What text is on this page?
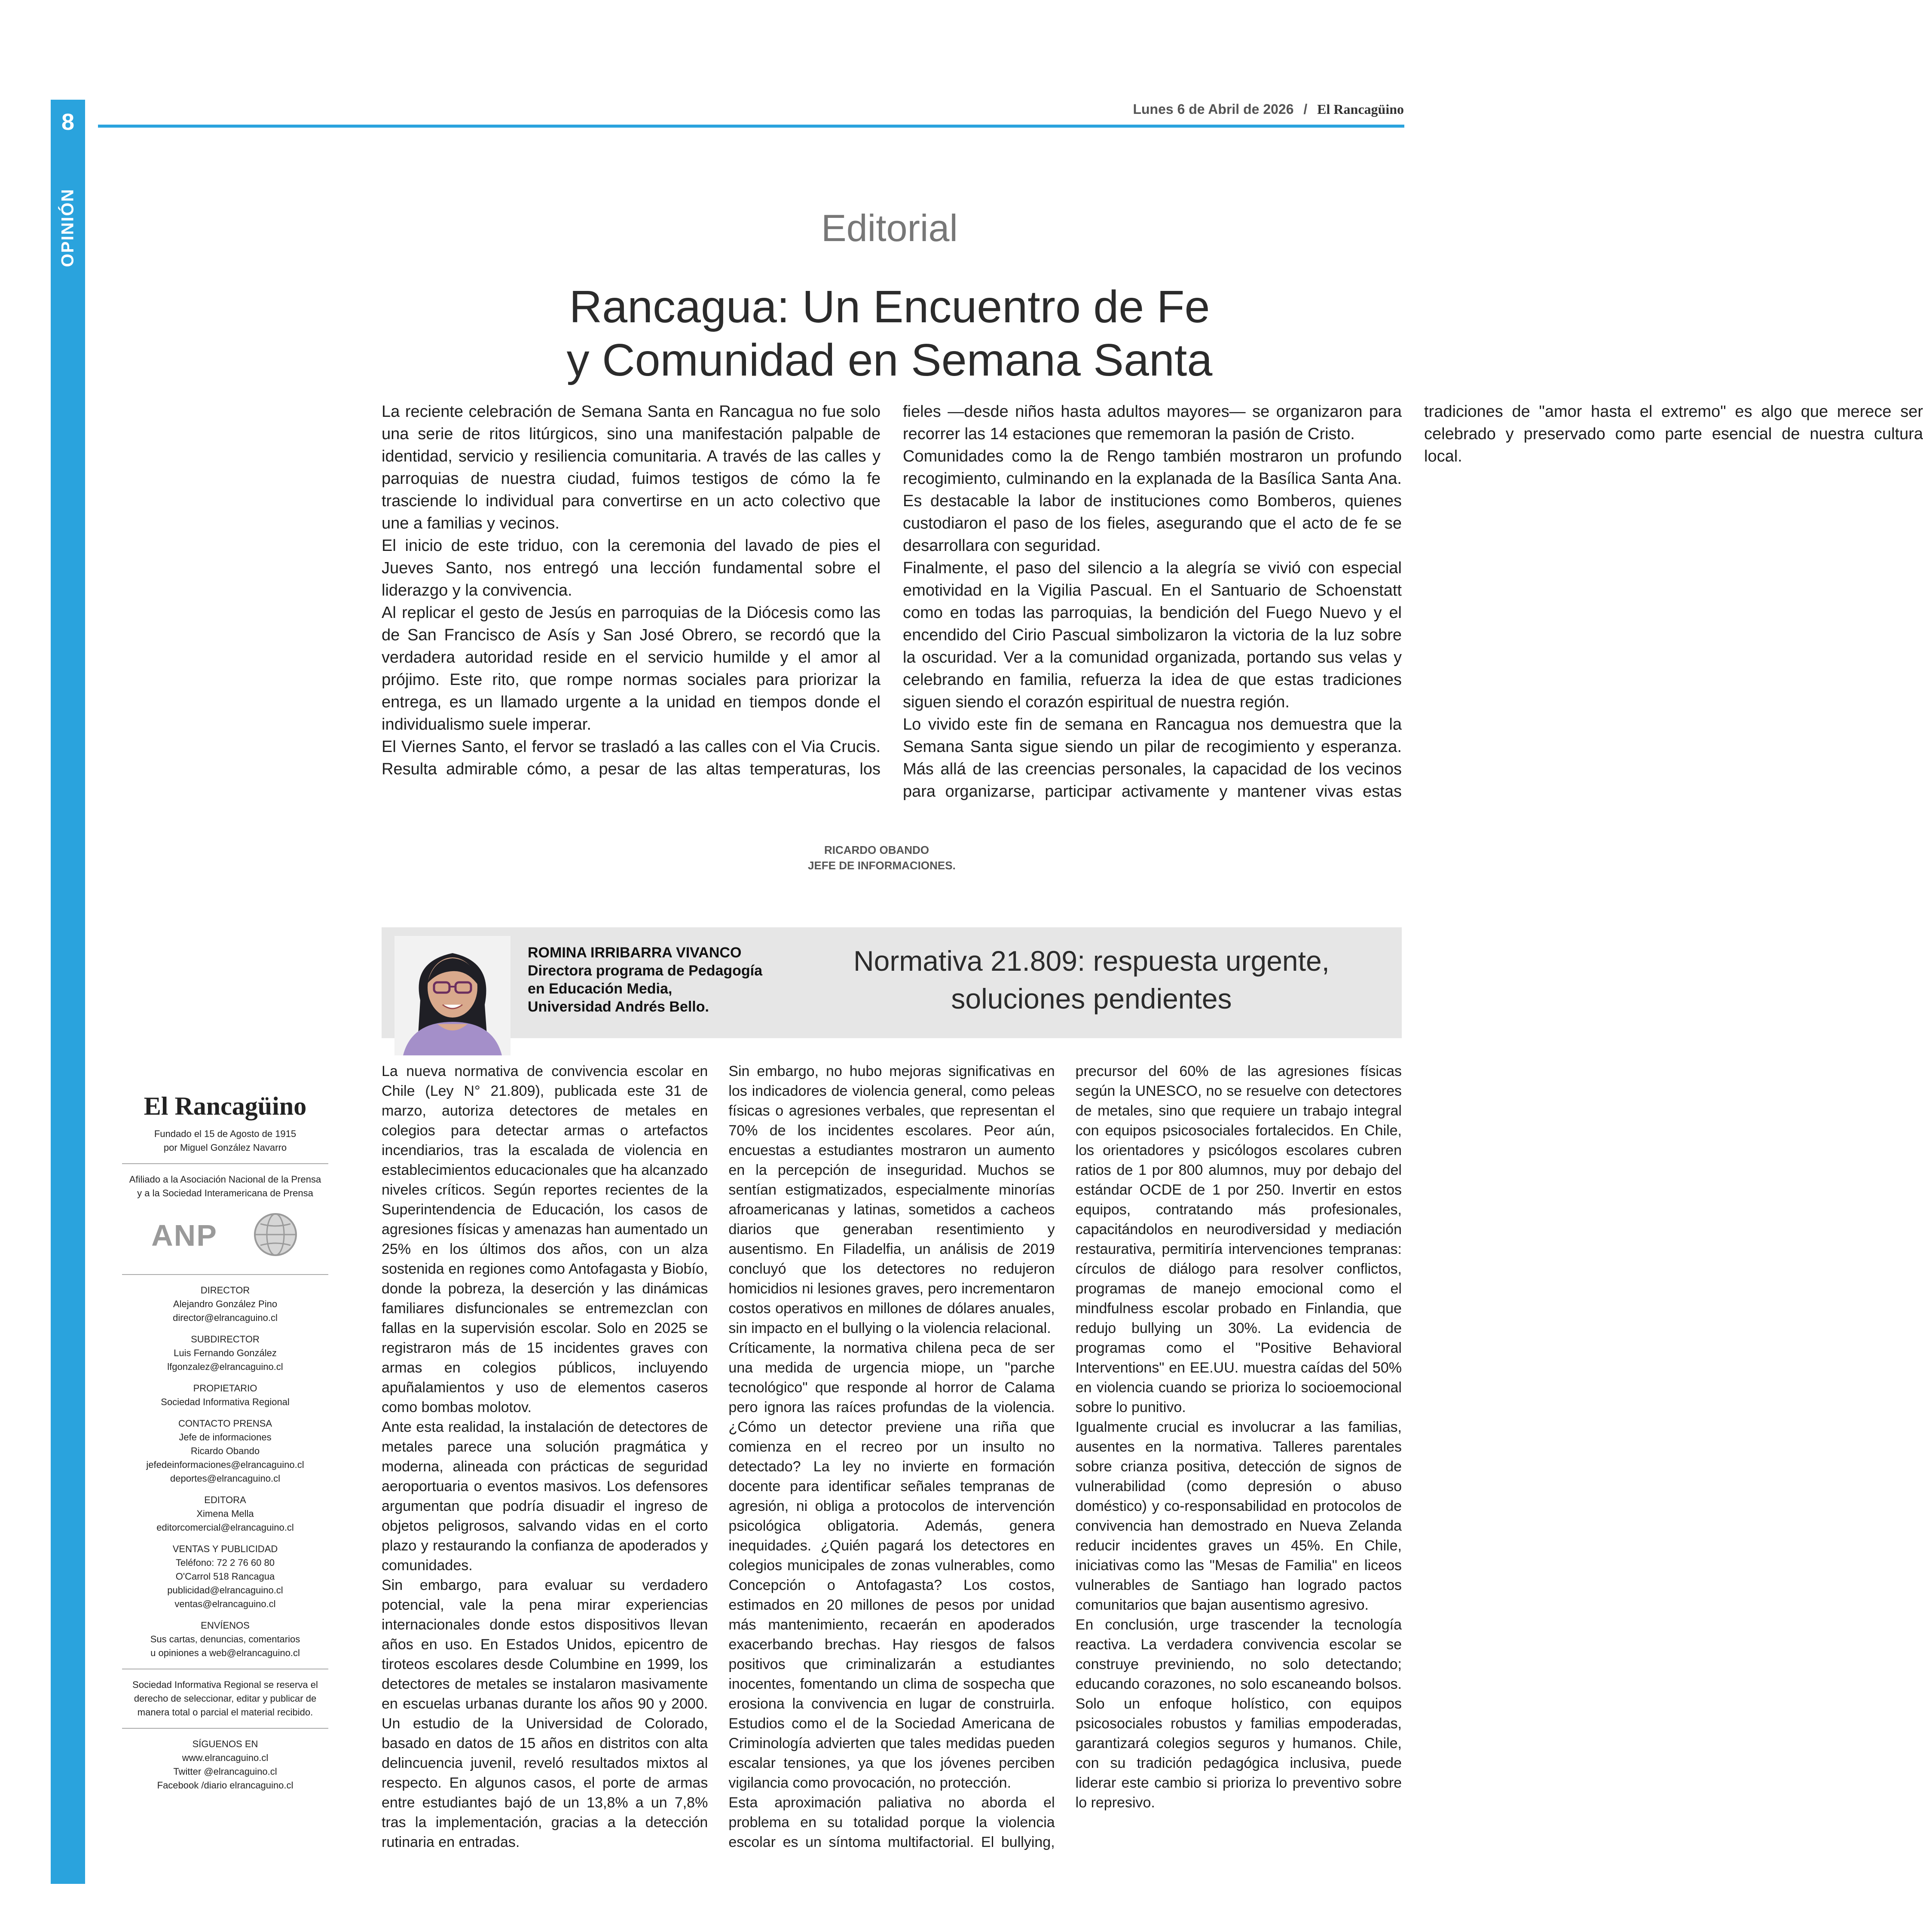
8
OPINIÓN
Lunes 6 de Abril de 2026 / El Rancagüino
Editorial
Rancagua: Un Encuentro de Fe
y Comunidad en Semana Santa

La reciente celebración de Semana Santa en Rancagua no fue solo una serie de ritos litúrgicos, sino una manifestación palpable de identidad, servicio y resiliencia comunitaria. A través de las calles y parroquias de nuestra ciudad, fuimos testigos de cómo la fe trasciende lo individual para convertirse en un acto colectivo que une a familias y vecinos.

El inicio de este triduo, con la ceremonia del lavado de pies el Jueves Santo, nos entregó una lección fundamental sobre el liderazgo y la convivencia.

Al replicar el gesto de Jesús en parroquias de la Diócesis como las de San Francisco de Asís y San José Obrero, se recordó que la verdadera autoridad reside en el servicio humilde y el amor al prójimo. Este rito, que rompe normas sociales para priorizar la entrega, es un llamado urgente a la unidad en tiempos donde el individualismo suele imperar.

El Viernes Santo, el fervor se trasladó a las calles con el Via Crucis. Resulta admirable cómo, a pesar de las altas temperaturas, los fieles —desde niños hasta adultos mayores— se organizaron para recorrer las 14 estaciones que rememoran la pasión de Cristo.

Comunidades como la de Rengo también mostraron un profundo recogimiento, culminando en la explanada de la Basílica Santa Ana. Es destacable la labor de instituciones como Bomberos, quienes custodiaron el paso de los fieles, asegurando que el acto de fe se desarrollara con seguridad.

Finalmente, el paso del silencio a la alegría se vivió con especial emotividad en la Vigilia Pascual. En el Santuario de Schoenstatt como en todas las parroquias, la bendición del Fuego Nuevo y el encendido del Cirio Pascual simbolizaron la victoria de la luz sobre la oscuridad. Ver a la comunidad organizada, portando sus velas y celebrando en familia, refuerza la idea de que estas tradiciones siguen siendo el corazón espiritual de nuestra región.

Lo vivido este fin de semana en Rancagua nos demuestra que la Semana Santa sigue siendo un pilar de recogimiento y esperanza. Más allá de las creencias personales, la capacidad de los vecinos para organizarse, participar activamente y mantener vivas estas tradiciones de "amor hasta el extremo" es algo que merece ser celebrado y preservado como parte esencial de nuestra cultura local.

RICARDO OBANDO
JEFE DE INFORMACIONES.
ROMINA IRRIBARRA VIVANCO
Directora programa de Pedagogía
en Educación Media,
Universidad Andrés Bello.
Normativa 21.809: respuesta urgente,
soluciones pendientes

La nueva normativa de convivencia escolar en Chile (Ley N° 21.809), publicada este 31 de marzo, autoriza detectores de metales en colegios para detectar armas o artefactos incendiarios, tras la escalada de violencia en establecimientos educacionales que ha alcanzado niveles críticos. Según reportes recientes de la Superintendencia de Educación, los casos de agresiones físicas y amenazas han aumentado un 25% en los últimos dos años, con un alza sostenida en regiones como Antofagasta y Biobío, donde la pobreza, la deserción y las dinámicas familiares disfuncionales se entremezclan con fallas en la supervisión escolar. Solo en 2025 se registraron más de 15 incidentes graves con armas en colegios públicos, incluyendo apuñalamientos y uso de elementos caseros como bombas molotov.

Ante esta realidad, la instalación de detectores de metales parece una solución pragmática y moderna, alineada con prácticas de seguridad aeroportuaria o eventos masivos. Los defensores argumentan que podría disuadir el ingreso de objetos peligrosos, salvando vidas en el corto plazo y restaurando la confianza de apoderados y comunidades.

Sin embargo, para evaluar su verdadero potencial, vale la pena mirar experiencias internacionales donde estos dispositivos llevan años en uso. En Estados Unidos, epicentro de tiroteos escolares desde Columbine en 1999, los detectores de metales se instalaron masivamente en escuelas urbanas durante los años 90 y 2000. Un estudio de la Universidad de Colorado, basado en datos de 15 años en distritos con alta delincuencia juvenil, reveló resultados mixtos al respecto. En algunos casos, el porte de armas entre estudiantes bajó de un 13,8% a un 7,8% tras la implementación, gracias a la detección rutinaria en entradas.

Sin embargo, no hubo mejoras significativas en los indicadores de violencia general, como peleas físicas o agresiones verbales, que representan el 70% de los incidentes escolares. Peor aún, encuestas a estudiantes mostraron un aumento en la percepción de inseguridad. Muchos se sentían estigmatizados, especialmente minorías afroamericanas y latinas, sometidos a cacheos diarios que generaban resentimiento y ausentismo. En Filadelfia, un análisis de 2019 concluyó que los detectores no redujeron homicidios ni lesiones graves, pero incrementaron costos operativos en millones de dólares anuales, sin impacto en el bullying o la violencia relacional.

Críticamente, la normativa chilena peca de ser una medida de urgencia miope, un "parche tecnológico" que responde al horror de Calama pero ignora las raíces profundas de la violencia. ¿Cómo un detector previene una riña que comienza en el recreo por un insulto no detectado? La ley no invierte en formación docente para identificar señales tempranas de agresión, ni obliga a protocolos de intervención psicológica obligatoria. Además, genera inequidades. ¿Quién pagará los detectores en colegios municipales de zonas vulnerables, como Concepción o Antofagasta? Los costos, estimados en 20 millones de pesos por unidad más mantenimiento, recaerán en apoderados exacerbando brechas. Hay riesgos de falsos positivos que criminalizarán a estudiantes inocentes, fomentando un clima de sospecha que erosiona la convivencia en lugar de construirla. Estudios como el de la Sociedad Americana de Criminología advierten que tales medidas pueden escalar tensiones, ya que los jóvenes perciben vigilancia como provocación, no protección.

Esta aproximación paliativa no aborda el problema en su totalidad porque la violencia escolar es un síntoma multifactorial. El bullying, precursor del 60% de las agresiones físicas según la UNESCO, no se resuelve con detectores de metales, sino que requiere un trabajo integral con equipos psicosociales fortalecidos. En Chile, los orientadores y psicólogos escolares cubren ratios de 1 por 800 alumnos, muy por debajo del estándar OCDE de 1 por 250. Invertir en estos equipos, contratando más profesionales, capacitándolos en neurodiversidad y mediación restaurativa, permitiría intervenciones tempranas: círculos de diálogo para resolver conflictos, programas de manejo emocional como el mindfulness escolar probado en Finlandia, que redujo bullying un 30%. La evidencia de programas como el "Positive Behavioral Interventions" en EE.UU. muestra caídas del 50% en violencia cuando se prioriza lo socioemocional sobre lo punitivo.

Igualmente crucial es involucrar a las familias, ausentes en la normativa. Talleres parentales sobre crianza positiva, detección de signos de vulnerabilidad (como depresión o abuso doméstico) y co-responsabilidad en protocolos de convivencia han demostrado en Nueva Zelanda reducir incidentes graves un 45%. En Chile, iniciativas como las "Mesas de Familia" en liceos vulnerables de Santiago han logrado pactos comunitarios que bajan ausentismo agresivo.

En conclusión, urge trascender la tecnología reactiva. La verdadera convivencia escolar se construye previniendo, no solo detectando; educando corazones, no solo escaneando bolsos. Solo un enfoque holístico, con equipos psicosociales robustos y familias empoderadas, garantizará colegios seguros y humanos. Chile, con su tradición pedagógica inclusiva, puede liderar este cambio si prioriza lo preventivo sobre lo represivo.

El Rancagüino
Fundado el 15 de Agosto de 1915
por Miguel González Navarro
Afiliado a la Asociación Nacional de la Prensa
y a la Sociedad Interamericana de Prensa
ANP
DIRECTOR
Alejandro González Pino
director@elrancaguino.cl
SUBDIRECTOR
Luis Fernando González
lfgonzalez@elrancaguino.cl
PROPIETARIO
Sociedad Informativa Regional
CONTACTO PRENSA
Jefe de informaciones
Ricardo Obando
jefedeinformaciones@elrancaguino.cl
deportes@elrancaguino.cl
EDITORA
Ximena Mella
editorcomercial@elrancaguino.cl
VENTAS Y PUBLICIDAD
Teléfono: 72 2 76 60 80
O'Carrol 518 Rancagua
publicidad@elrancaguino.cl
ventas@elrancaguino.cl
ENVÍENOS
Sus cartas, denuncias, comentarios
u opiniones a web@elrancaguino.cl
Sociedad Informativa Regional se reserva el
derecho de seleccionar, editar y publicar de
manera total o parcial el material recibido.
SÍGUENOS EN
www.elrancaguino.cl
Twitter @elrancaguino.cl
Facebook /diario elrancaguino.cl
